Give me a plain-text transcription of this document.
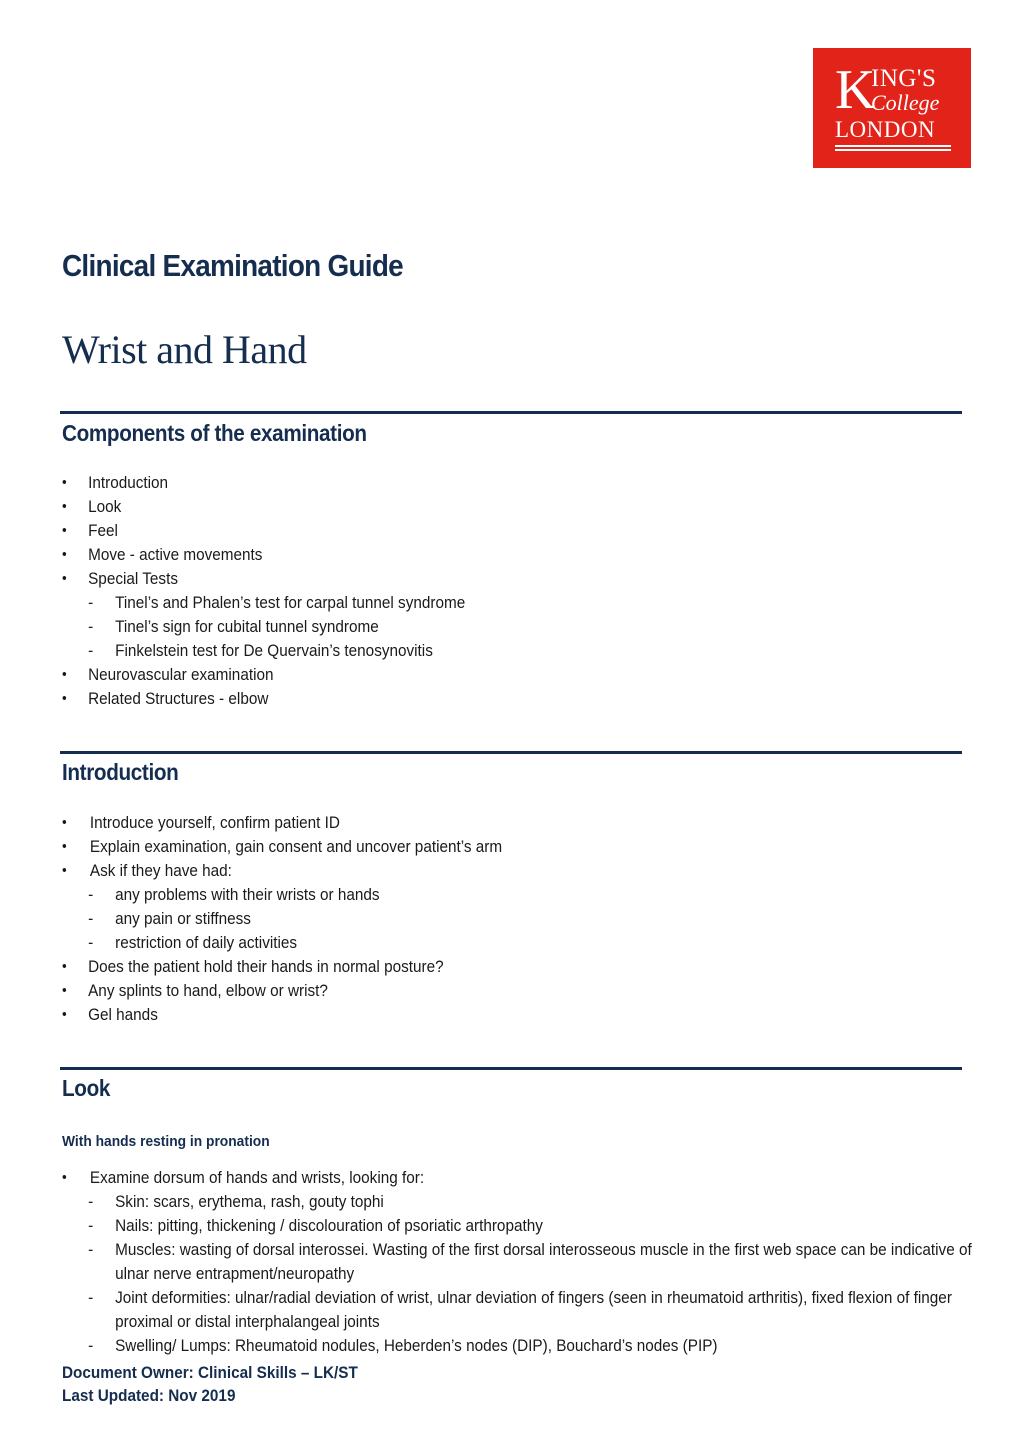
K
ING'S
College
LONDON
Clinical Examination Guide
Wrist and Hand
Components of the examination
• Introduction
• Look
• Feel
• Move - active movements
• Special Tests
- Tinel’s and Phalen’s test for carpal tunnel syndrome
- Tinel’s sign for cubital tunnel syndrome
- Finkelstein test for De Quervain’s tenosynovitis
• Neurovascular examination
• Related Structures - elbow
Introduction
• Introduce yourself, confirm patient ID
• Explain examination, gain consent and uncover patient’s arm
• Ask if they have had:
- any problems with their wrists or hands
- any pain or stiffness
- restriction of daily activities
• Does the patient hold their hands in normal posture?
• Any splints to hand, elbow or wrist?
• Gel hands
Look
With hands resting in pronation
• Examine dorsum of hands and wrists, looking for:
- Skin: scars, erythema, rash, gouty tophi
- Nails: pitting, thickening / discolouration of psoriatic arthropathy
- Muscles: wasting of dorsal interossei. Wasting of the first dorsal interosseous muscle in the first web space can be indicative of ulnar nerve entrapment/neuropathy
- Joint deformities: ulnar/radial deviation of wrist, ulnar deviation of fingers (seen in rheumatoid arthritis), fixed flexion of finger proximal or distal interphalangeal joints
- Swelling/ Lumps: Rheumatoid nodules, Heberden’s nodes (DIP), Bouchard’s nodes (PIP)
Document Owner: Clinical Skills – LK/ST
Last Updated: Nov 2019
